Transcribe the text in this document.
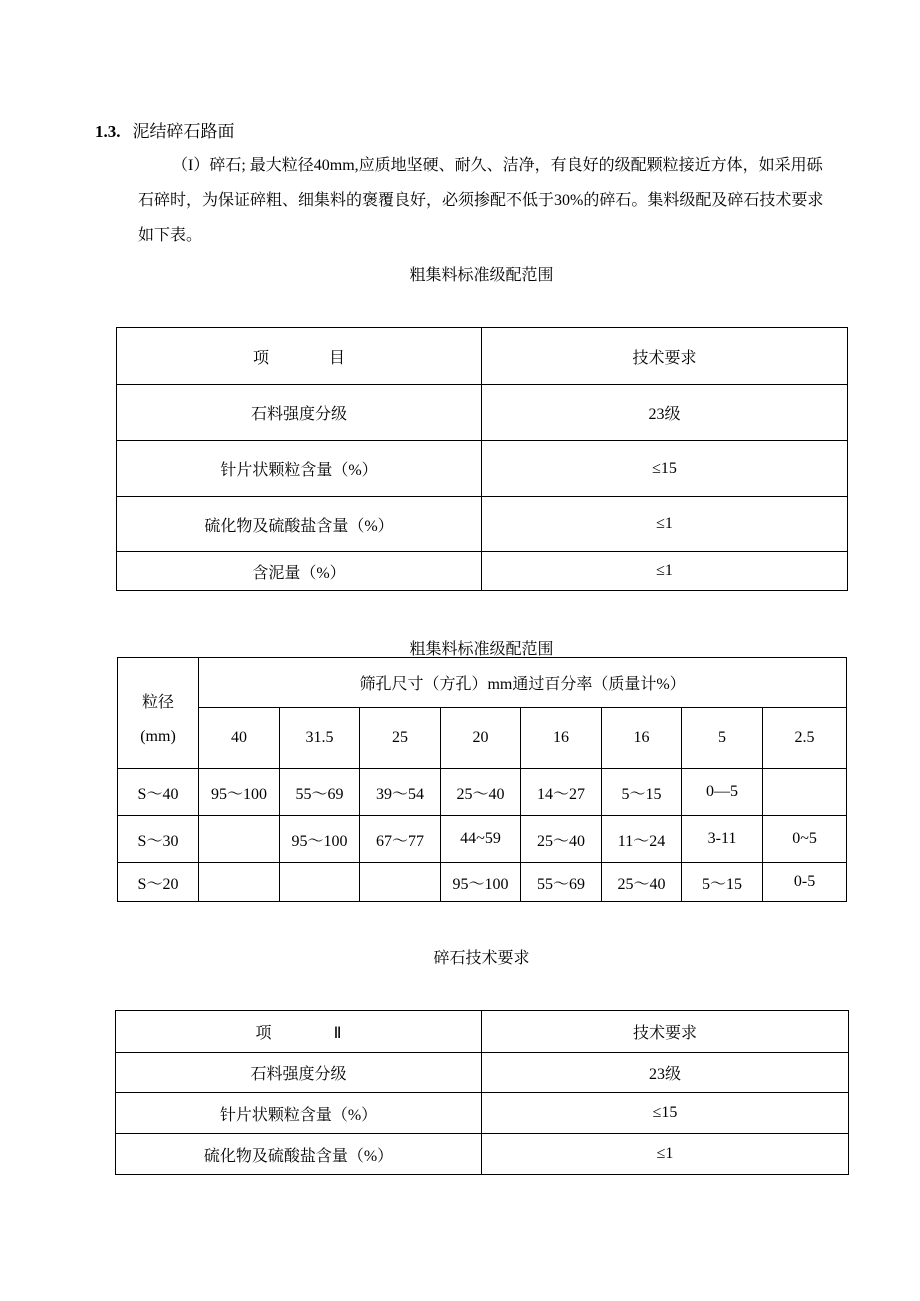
1.3. 泥结碎石路面
（I）碎石; 最大粒径40mm,应质地坚硬、耐久、洁净，有良好的级配颗粒接近方体，如采用砾
石碎时，为保证碎粗、细集料的褒覆良好，必须掺配不低于30%的碎石。集料级配及碎石技术要求
如下表。
粗集料标准级配范围
项 目	技术要求
石料强度分级	23级
针片状颗粒含量（%）	≤15
硫化物及硫酸盐含量（%）	≤1
含泥量（%）	≤1
粗集料标准级配范围
粒径
(mm)	筛孔尺寸（方孔）mm通过百分率（质量计%）							
	40	31.5	25	20	16	16	5	2.5
S～40	95～100	55～69	39～54	25～40	14～27	5～15	0—5	
S～30		95～100	67～77	44~59	25～40	11～24	3-11	0~5
S～20				95～100	55～69	25～40	5～15	0-5
碎石技术要求
项 Ⅱ	技术要求
石料强度分级	23级
针片状颗粒含量（%）	≤15
硫化物及硫酸盐含量（%）	≤1
